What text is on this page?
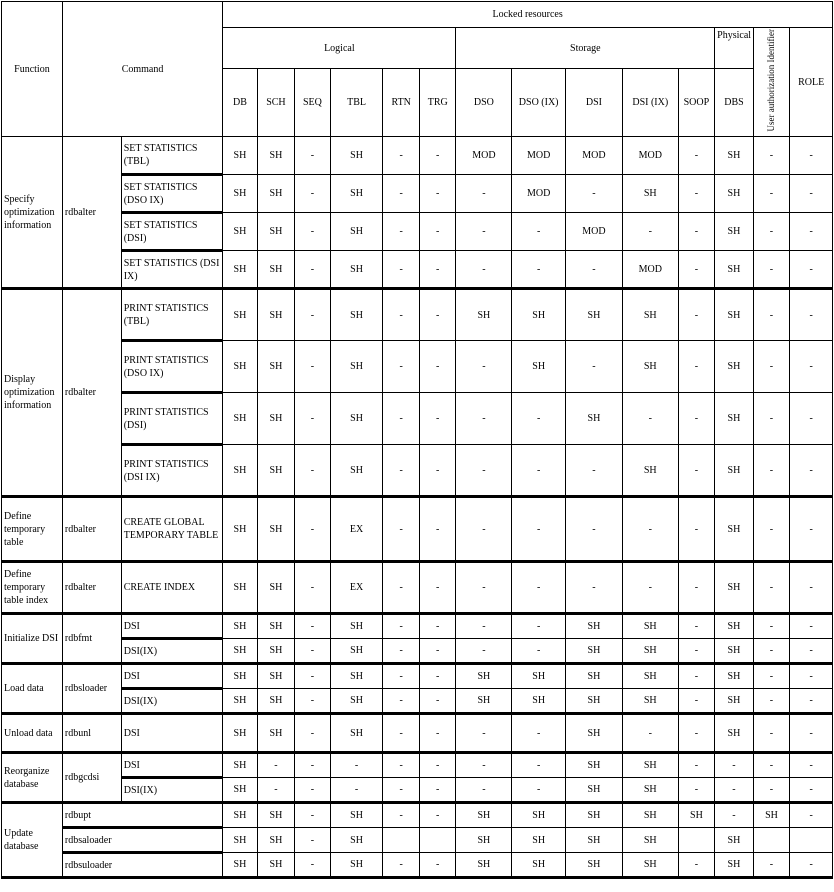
Function	Command		Locked resources													
			Logical						Storage					Physical	User authorization Identifier	ROLE
			DB	SCH	SEQ	TBL	RTN	TRG	DSO	DSO (IX)	DSI	DSI (IX)	SOOP	DBS		
Specify optimization information	rdbalter	SET STATISTICS (TBL)	SH	SH	-	SH	-	-	MOD	MOD	MOD	MOD	-	SH	-	-
		SET STATISTICS (DSO IX)	SH	SH	-	SH	-	-	-	MOD	-	SH	-	SH	-	-
		SET STATISTICS (DSI)	SH	SH	-	SH	-	-	-	-	MOD	-	-	SH	-	-
		SET STATISTICS (DSI IX)	SH	SH	-	SH	-	-	-	-	-	MOD	-	SH	-	-
Display optimization information	rdbalter	PRINT STATISTICS (TBL)	SH	SH	-	SH	-	-	SH	SH	SH	SH	-	SH	-	-
		PRINT STATISTICS (DSO IX)	SH	SH	-	SH	-	-	-	SH	-	SH	-	SH	-	-
		PRINT STATISTICS (DSI)	SH	SH	-	SH	-	-	-	-	SH	-	-	SH	-	-
		PRINT STATISTICS (DSI IX)	SH	SH	-	SH	-	-	-	-	-	SH	-	SH	-	-
Define temporary table	rdbalter	CREATE GLOBAL TEMPORARY TABLE	SH	SH	-	EX	-	-	-	-	-	-	-	SH	-	-
Define temporary table index	rdbalter	CREATE INDEX	SH	SH	-	EX	-	-	-	-	-	-	-	SH	-	-
Initialize DSI	rdbfmt	DSI	SH	SH	-	SH	-	-	-	-	SH	SH	-	SH	-	-
		DSI(IX)	SH	SH	-	SH	-	-	-	-	SH	SH	-	SH	-	-
Load data	rdbsloader	DSI	SH	SH	-	SH	-	-	SH	SH	SH	SH	-	SH	-	-
		DSI(IX)	SH	SH	-	SH	-	-	SH	SH	SH	SH	-	SH	-	-
Unload data	rdbunl	DSI	SH	SH	-	SH	-	-	-	-	SH	-	-	SH	-	-
Reorganize database	rdbgcdsi	DSI	SH	-	-	-	-	-	-	-	SH	SH	-	-	-	-
		DSI(IX)	SH	-	-	-	-	-	-	-	SH	SH	-	-	-	-
Update database	rdbupt		SH	SH	-	SH	-	-	SH	SH	SH	SH	SH	-	SH	-
	rdbsaloader		SH	SH	-	SH			SH	SH	SH	SH		SH		
	rdbsuloader		SH	SH	-	SH	-	-	SH	SH	SH	SH	-	SH	-	-
